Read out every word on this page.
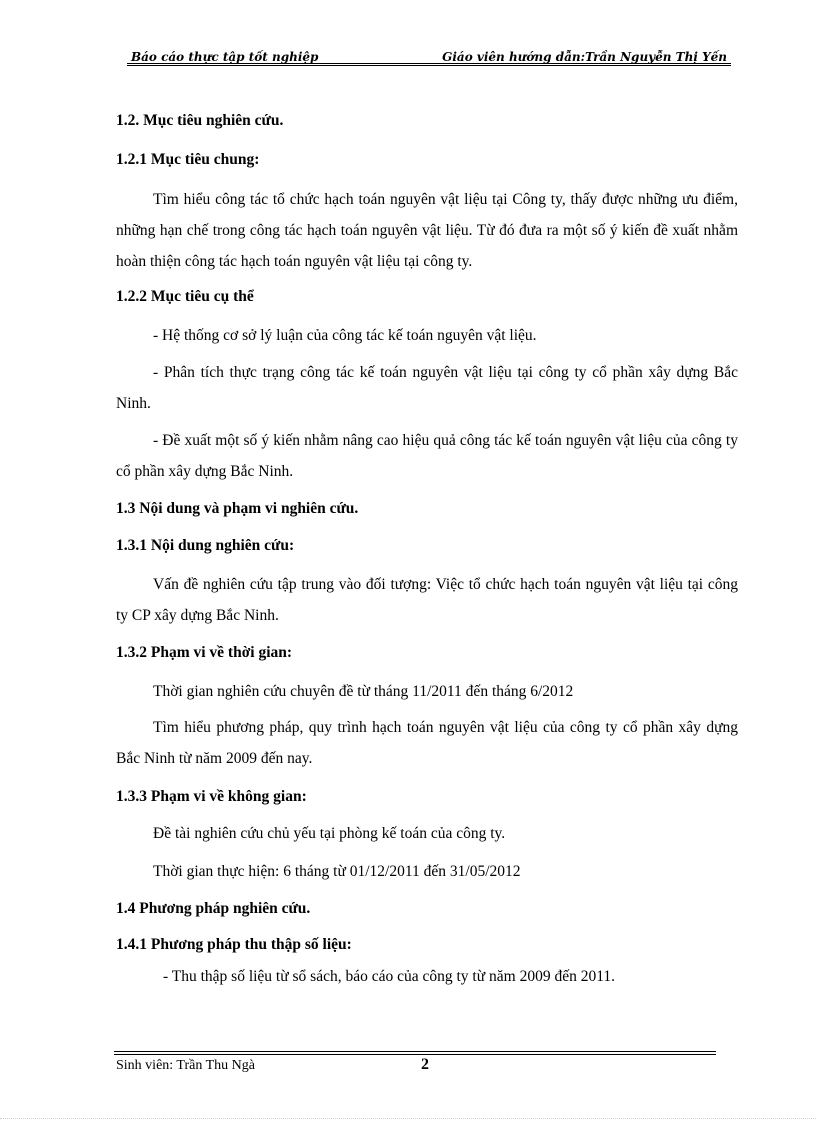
Báo cáo thực tập tốt nghiệp	Giáo viên hướng dẫn:Trần Nguyễn Thị Yến
1.2. Mục tiêu nghiên cứu.
1.2.1 Mục tiêu chung:
Tìm hiểu công tác tổ chức hạch toán nguyên vật liệu tại Công ty, thấy được những ưu điểm, những hạn chế trong công tác hạch toán nguyên vật liệu. Từ đó đưa ra một số ý kiến đề xuất nhằm hoàn thiện công tác hạch toán nguyên vật liệu tại công ty.
1.2.2 Mục tiêu cụ thể
- Hệ thống cơ sở lý luận của công tác kế toán nguyên vật liệu.
- Phân tích thực trạng công tác kế toán nguyên vật liệu tại công ty cổ phần xây dựng Bắc Ninh.
- Đề xuất một số ý kiến nhằm nâng cao hiệu quả công tác kế toán nguyên vật liệu của công ty cổ phần xây dựng Bắc Ninh.
1.3 Nội dung và phạm vi nghiên cứu.
1.3.1 Nội dung nghiên cứu:
Vấn đề nghiên cứu tập trung vào đối tượng: Việc tổ chức hạch toán nguyên vật liệu tại công ty CP xây dựng Bắc Ninh.
1.3.2 Phạm vi về thời gian:
Thời gian nghiên cứu chuyên đề từ tháng 11/2011 đến tháng 6/2012
Tìm hiểu phương pháp, quy trình hạch toán nguyên vật liệu của công ty cổ phần xây dựng Bắc Ninh từ năm 2009 đến nay.
1.3.3 Phạm vi về không gian:
Đề tài nghiên cứu chủ yếu tại phòng kế toán của công ty.
Thời gian thực hiện: 6 tháng từ 01/12/2011 đến 31/05/2012
1.4 Phương pháp nghiên cứu.
1.4.1 Phương pháp thu thập số liệu:
- Thu thập số liệu từ sổ sách, báo cáo của công ty từ năm 2009 đến 2011.
Sinh viên: Trần Thu Ngà	2
